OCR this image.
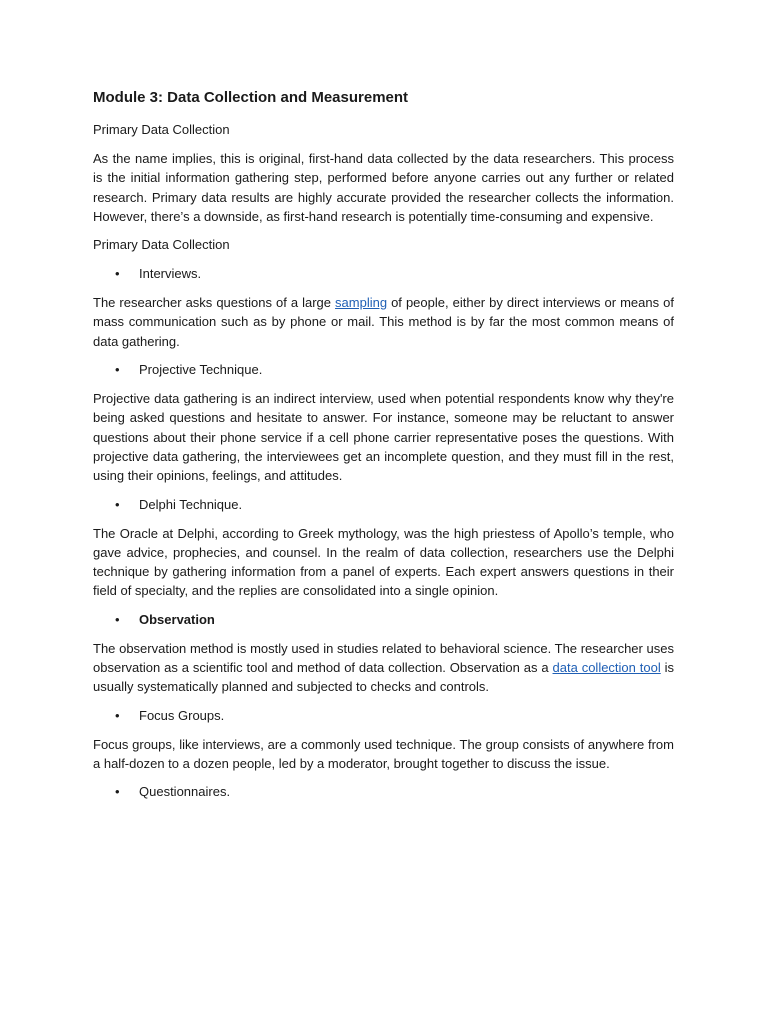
Module 3: Data Collection and Measurement
Primary Data Collection
As the name implies, this is original, first-hand data collected by the data researchers. This process is the initial information gathering step, performed before anyone carries out any further or related research. Primary data results are highly accurate provided the researcher collects the information. However, there’s a downside, as first-hand research is potentially time-consuming and expensive.
Primary Data Collection
• Interviews.
The researcher asks questions of a large sampling of people, either by direct interviews or means of mass communication such as by phone or mail. This method is by far the most common means of data gathering.
• Projective Technique.
Projective data gathering is an indirect interview, used when potential respondents know why they're being asked questions and hesitate to answer. For instance, someone may be reluctant to answer questions about their phone service if a cell phone carrier representative poses the questions. With projective data gathering, the interviewees get an incomplete question, and they must fill in the rest, using their opinions, feelings, and attitudes.
• Delphi Technique.
The Oracle at Delphi, according to Greek mythology, was the high priestess of Apollo’s temple, who gave advice, prophecies, and counsel. In the realm of data collection, researchers use the Delphi technique by gathering information from a panel of experts. Each expert answers questions in their field of specialty, and the replies are consolidated into a single opinion.
• Observation
The observation method is mostly used in studies related to behavioral science. The researcher uses observation as a scientific tool and method of data collection. Observation as a data collection tool is usually systematically planned and subjected to checks and controls.
• Focus Groups.
Focus groups, like interviews, are a commonly used technique. The group consists of anywhere from a half-dozen to a dozen people, led by a moderator, brought together to discuss the issue.
• Questionnaires.
